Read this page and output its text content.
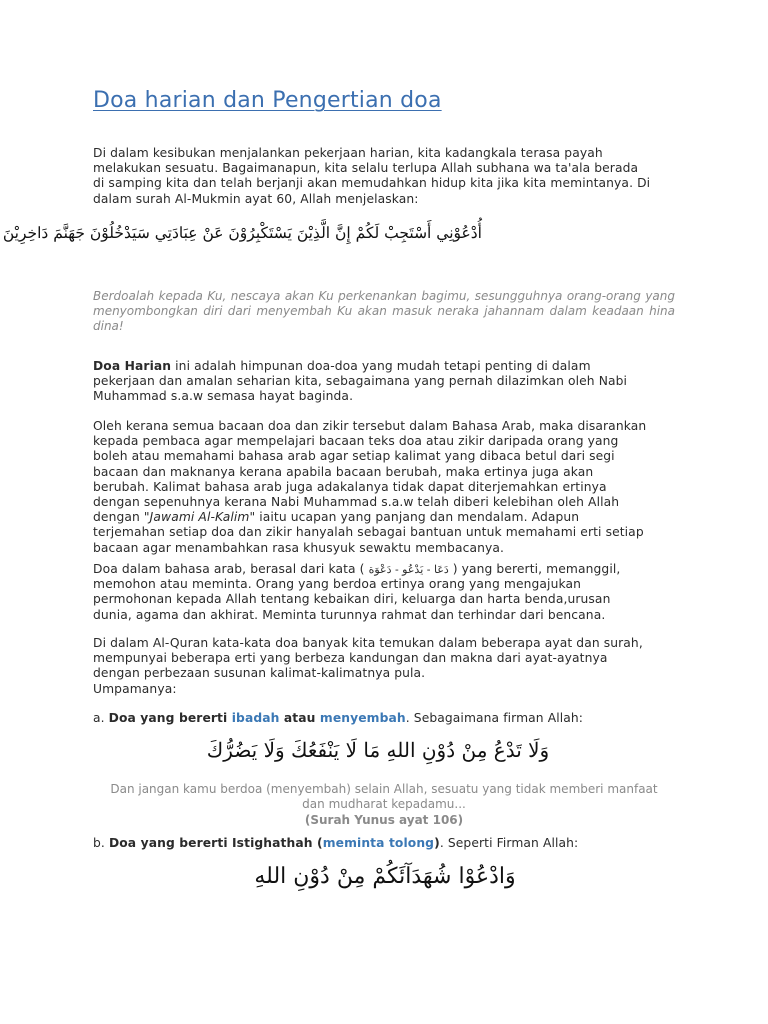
Doa harian dan Pengertian doa

Di dalam kesibukan menjalankan pekerjaan harian, kita kadangkala terasa payah melakukan sesuatu. Bagaimanapun, kita selalu terlupa Allah subhana wa ta'ala berada di samping kita dan telah berjanji akan memudahkan hidup kita jika kita memintanya. Di dalam surah Al-Mukmin ayat 60, Allah menjelaskan:

أُدْعُوْنِي أَسْتَجِبْ لَكُمْ إِنَّ الَّذِيْنَ يَسْتَكْبِرُوْنَ عَنْ عِبَادَتِي سَيَدْخُلُوْنَ جَهَنَّمَ دَاخِرِيْنَ

Berdoalah kepada Ku, nescaya akan Ku perkenankan bagimu, sesungguhnya orang-orang yang menyombongkan diri dari menyembah Ku akan masuk neraka jahannam dalam keadaan hina dina!

Doa Harian ini adalah himpunan doa-doa yang mudah tetapi penting di dalam pekerjaan dan amalan seharian kita, sebagaimana yang pernah dilazimkan oleh Nabi Muhammad s.a.w semasa hayat baginda.

Oleh kerana semua bacaan doa dan zikir tersebut dalam Bahasa Arab, maka disarankan kepada pembaca agar mempelajari bacaan teks doa atau zikir daripada orang yang boleh atau memahami bahasa arab agar setiap kalimat yang dibaca betul dari segi bacaan dan maknanya kerana apabila bacaan berubah, maka ertinya juga akan berubah. Kalimat bahasa arab juga adakalanya tidak dapat diterjemahkan ertinya dengan sepenuhnya kerana Nabi Muhammad s.a.w telah diberi kelebihan oleh Allah dengan "Jawami Al-Kalim" iaitu ucapan yang panjang dan mendalam. Adapun terjemahan setiap doa dan zikir hanyalah sebagai bantuan untuk memahami erti setiap bacaan agar menambahkan rasa khusyuk sewaktu membacanya.

Doa dalam bahasa arab, berasal dari kata ( دَعَا - يَدْعُو - دَعْوَة ) yang bererti, memanggil, memohon atau meminta. Orang yang berdoa ertinya orang yang mengajukan permohonan kepada Allah tentang kebaikan diri, keluarga dan harta benda,urusan dunia, agama dan akhirat. Meminta turunnya rahmat dan terhindar dari bencana.

Di dalam Al-Quran kata-kata doa banyak kita temukan dalam beberapa ayat dan surah, mempunyai beberapa erti yang berbeza kandungan dan makna dari ayat-ayatnya dengan perbezaan susunan kalimat-kalimatnya pula.
Umpamanya:

a. Doa yang bererti ibadah atau menyembah. Sebagaimana firman Allah:

وَلَا تَدْعُ مِنْ دُوْنِ اللهِ مَا لَا يَنْفَعُكَ وَلَا يَضُرُّكَ

Dan jangan kamu berdoa (menyembah) selain Allah, sesuatu yang tidak memberi manfaat dan mudharat kepadamu...
(Surah Yunus ayat 106)

b. Doa yang bererti Istighathah (meminta tolong). Seperti Firman Allah:

وَادْعُوْا شُهَدَآئَكُمْ مِنْ دُوْنِ اللهِ
